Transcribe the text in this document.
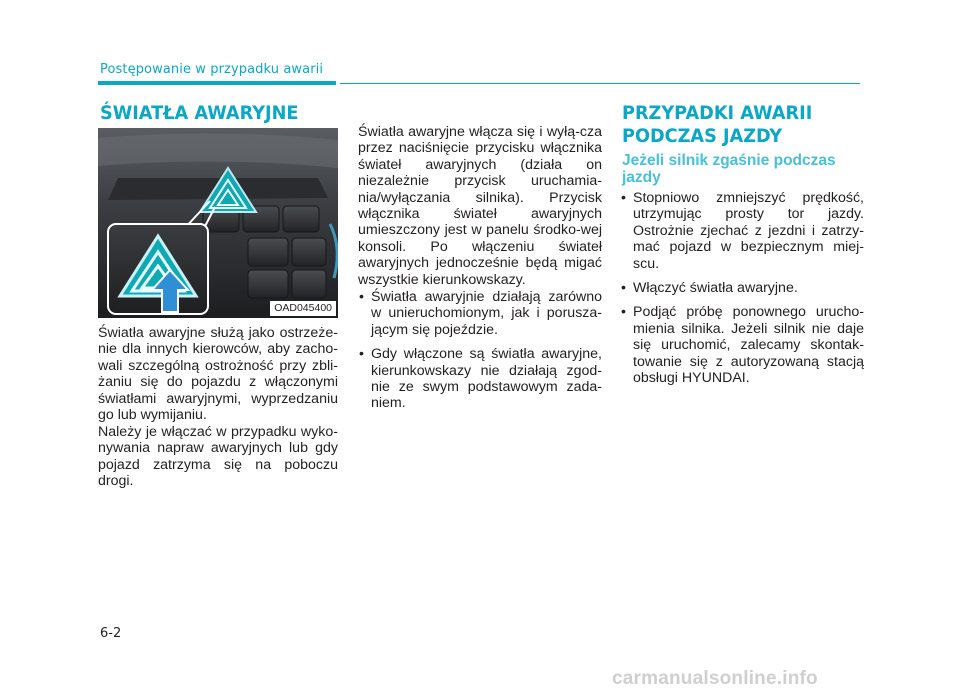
Postępowanie w przypadku awarii
ŚWIATŁA AWARYJNE
OAD045400

Światła awaryjne służą jako ostrzeże-nie dla innych kierowców, aby zacho-wali szczególną ostrożność przy zbli-żaniu się do pojazdu z włączonymi światłami awaryjnymi, wyprzedzaniu go lub wymijaniu.

Należy je włączać w przypadku wyko-nywania napraw awaryjnych lub gdy pojazd zatrzyma się na poboczu drogi.

Światła awaryjne włącza się i wyłą-cza przez naciśnięcie przycisku włącznika świateł awaryjnych (działa on niezależnie przycisk uruchamia-nia/wyłączania silnika). Przycisk włącznika świateł awaryjnych umieszczony jest w panelu środko-wej konsoli. Po włączeniu świateł awaryjnych jednocześnie będą migać wszystkie kierunkowskazy.

• Światła awaryjnie działają zarówno w unieruchomionym, jak i porusza-jącym się pojeździe.
• Gdy włączone są światła awaryjne, kierunkowskazy nie działają zgod-nie ze swym podstawowym zada-niem.
PRZYPADKI AWARII
PODCZAS JAZDY
Jeżeli silnik zgaśnie podczas jazdy
• Stopniowo zmniejszyć prędkość, utrzymując prosty tor jazdy. Ostrożnie zjechać z jezdni i zatrzy-mać pojazd w bezpiecznym miej-scu.
• Włączyć światła awaryjne.
• Podjąć próbę ponownego urucho-mienia silnika. Jeżeli silnik nie daje się uruchomić, zalecamy skontak-towanie się z autoryzowaną stacją obsługi HYUNDAI.
6-2
carmanualsonline.info
